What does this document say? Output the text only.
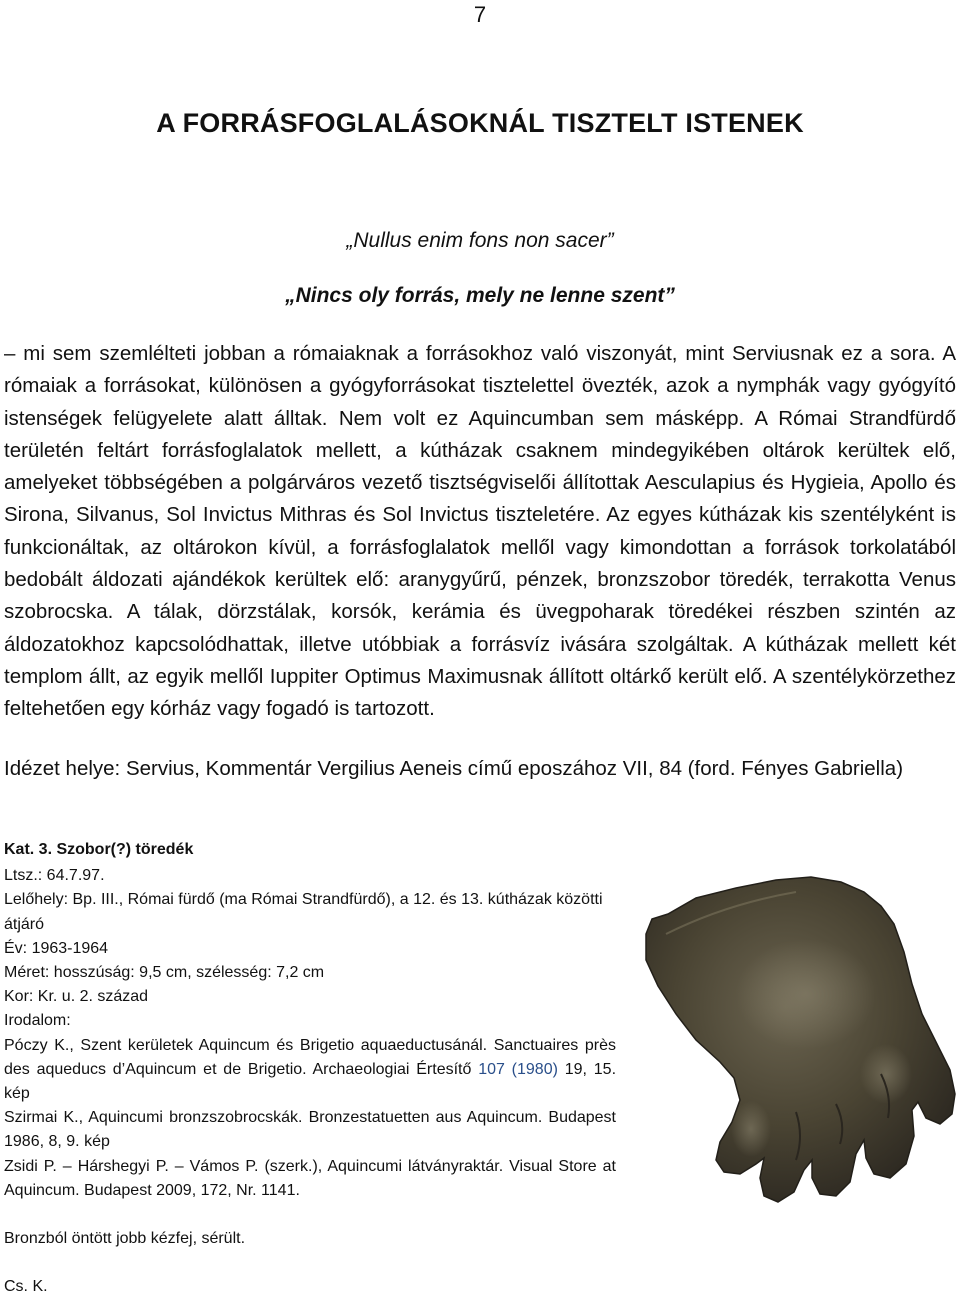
7
A FORRÁSFOGLALÁSOKNÁL TISZTELT ISTENEK
„Nullus enim fons non sacer”
„Nincs oly forrás, mely ne lenne szent”

– mi sem szemlélteti jobban a rómaiaknak a forrásokhoz való viszonyát, mint Serviusnak ez a sora. A rómaiak a forrásokat, különösen a gyógyforrásokat tisztelettel övezték, azok a nymphák vagy gyógyító istenségek felügyelete alatt álltak. Nem volt ez Aquincumban sem másképp. A Római Strandfürdő területén feltárt forrásfoglalatok mellett, a kútházak csaknem mindegyikében oltárok kerültek elő, amelyeket többségében a polgárváros vezető tisztségviselői állítottak Aesculapius és Hygieia, Apollo és Sirona, Silvanus, Sol Invictus Mithras és Sol Invictus tiszteletére. Az egyes kútházak kis szentélyként is funkcionáltak, az oltárokon kívül, a forrásfoglalatok mellől vagy kimondottan a források torkolatából bedobált áldozati ajándékok kerültek elő: aranygyűrű, pénzek, bronzszobor töredék, terrakotta Venus szobrocska. A tálak, dörzstálak, korsók, kerámia és üvegpoharak töredékei részben szintén az áldozatokhoz kapcsolódhattak, illetve utóbbiak a forrásvíz ivására szolgáltak. A kútházak mellett két templom állt, az egyik mellől Iuppiter Optimus Maximusnak állított oltárkő került elő. A szentélykörzethez feltehetően egy kórház vagy fogadó is tartozott.

Idézet helye: Servius, Kommentár Vergilius Aeneis című eposzához VII, 84 (ford. Fényes Gabriella)

Kat. 3. Szobor(?) töredék

Ltsz.: 64.7.97.

Lelőhely: Bp. III., Római fürdő (ma Római Strandfürdő), a 12. és 13. kútházak közötti átjáró

Év: 1963-1964

Méret: hosszúság: 9,5 cm, szélesség: 7,2 cm

Kor: Kr. u. 2. század

Irodalom:

Póczy K., Szent kerületek Aquincum és Brigetio aquaeductusánál. Sanctuaires près des aqueducs d’Aquincum et de Brigetio. Archaeologiai Értesítő 107 (1980) 19, 15. kép

Szirmai K., Aquincumi bronzszobrocskák. Bronzestatuetten aus Aquincum. Budapest 1986, 8, 9. kép

Zsidi P. – Hárshegyi P. – Vámos P. (szerk.), Aquincumi látványraktár. Visual Store at Aquincum. Budapest 2009, 172, Nr. 1141.

Bronzból öntött jobb kézfej, sérült.

Cs. K.
